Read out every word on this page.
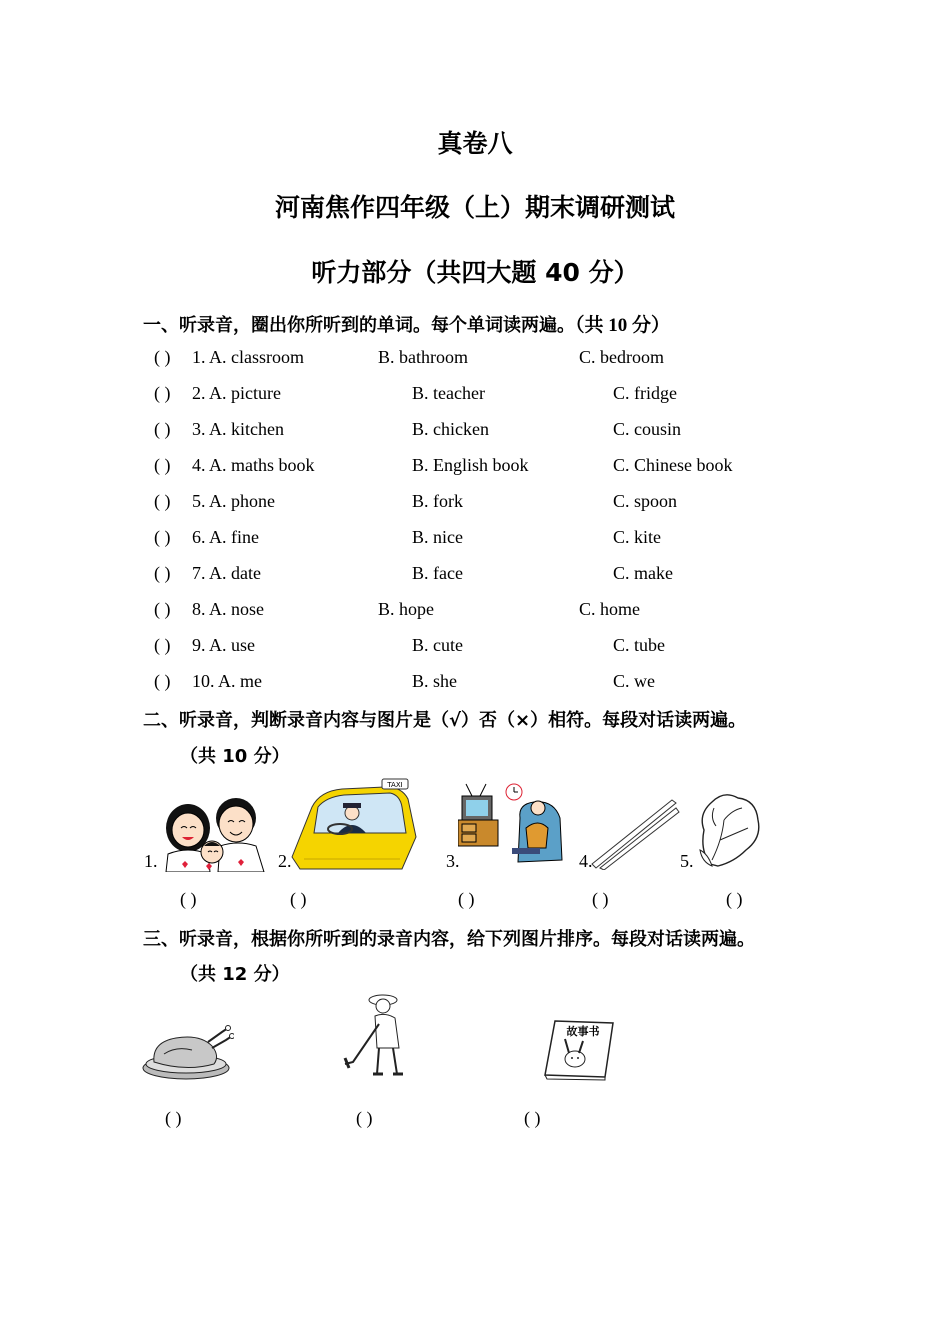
真卷八
河南焦作四年级（上）期末调研测试
听力部分（共四大题 40 分）
一、听录音，圈出你所听到的单词。每个单词读两遍。（共 10 分）
( ) 1. A. classroom	B. bathroom	C. bedroom
( ) 2. A. picture	B. teacher	C. fridge
( ) 3. A. kitchen	B. chicken	C. cousin
( ) 4. A. maths book	B. English book	C. Chinese book
( ) 5. A. phone	B. fork	C. spoon
( ) 6. A. fine	B. nice	C. kite
( ) 7. A. date	B. face	C. make
( ) 8. A. nose	B. hope	C. home
( ) 9. A. use	B. cute	C. tube
( ) 10. A. me	B. she	C. we
二、听录音，判断录音内容与图片是（√）否（×）相符。每段对话读两遍。
（共 10 分）
1.
( )
2.
TAXI
( )
3.
( )
4.
( )
5.
( )
三、听录音，根据你所听到的录音内容，给下列图片排序。每段对话读两遍。
（共 12 分）
( )	( )
故事书
( )
